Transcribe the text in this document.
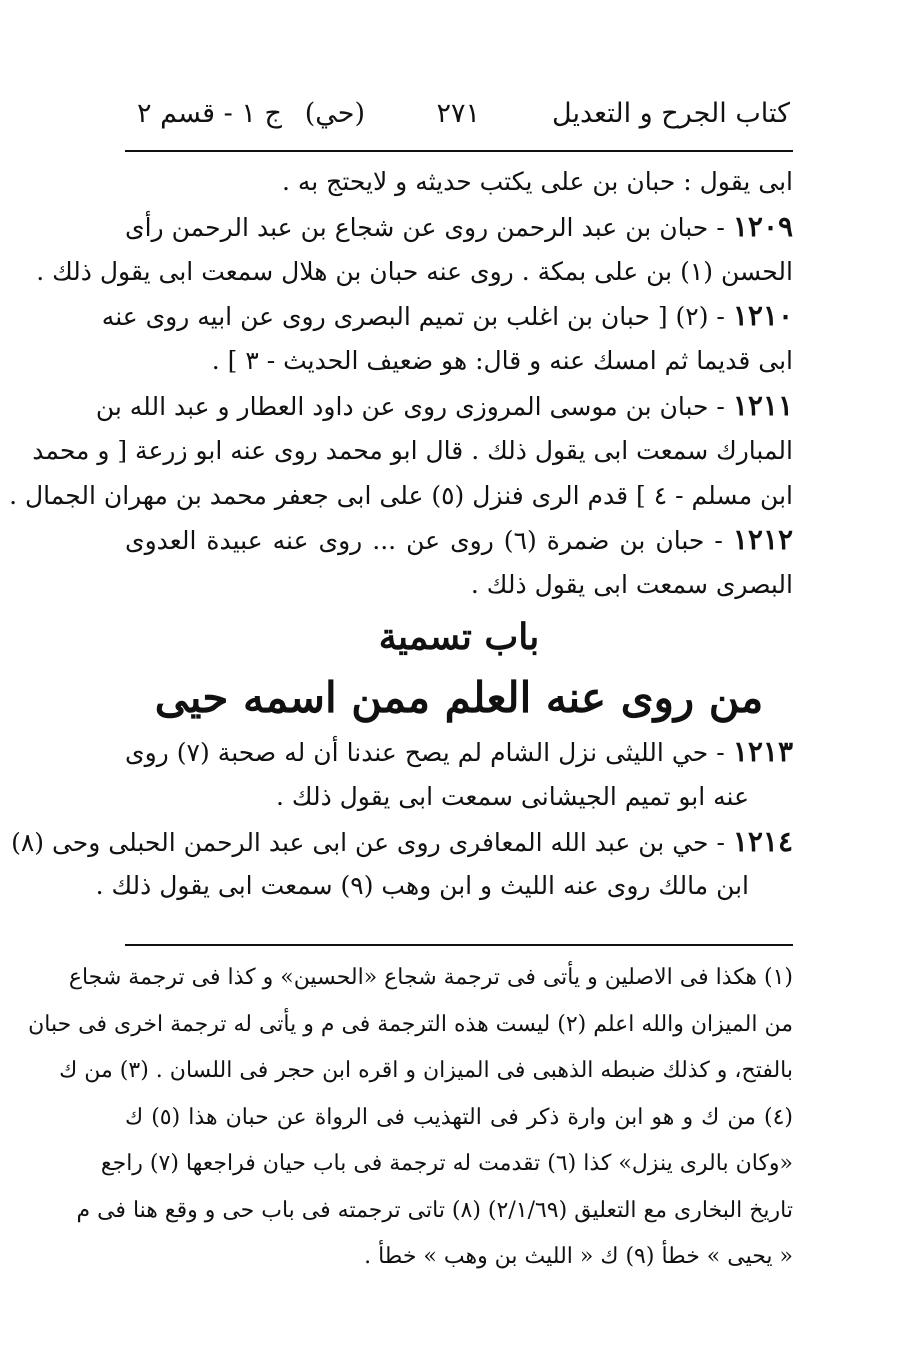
كتاب الجرح و التعديل
٢٧١
(حي)
ج ١ - قسم ٢
ابى يقول : حبان بن على يكتب حديثه و لايحتج به .
١٢٠٩ - حبان بن عبد الرحمن روى عن شجاع بن عبد الرحمن رأى
الحسن (١) بن على بمكة . روى عنه حبان بن هلال سمعت ابى يقول ذلك .
١٢١٠ - (٢) [ حبان بن اغلب بن تميم البصرى روى عن ابيه روى عنه
ابى قديما ثم امسك عنه و قال: هو ضعيف الحديث - ٣ ] .
١٢١١ - حبان بن موسى المروزى روى عن داود العطار و عبد الله بن
المبارك سمعت ابى يقول ذلك . قال ابو محمد روى عنه ابو زرعة [ و محمد
ابن مسلم - ٤ ] قدم الرى فنزل (٥) على ابى جعفر محمد بن مهران الجمال .
١٢١٢ - حبان بن ضمرة (٦) روى عن ... روى عنه عبيدة العدوى
البصرى سمعت ابى يقول ذلك .
باب تسمية
من روى عنه العلم ممن اسمه حيى
١٢١٣ - حي الليثى نزل الشام لم يصح عندنا أن له صحبة (٧) روى
عنه ابو تميم الجيشانى سمعت ابى يقول ذلك .
١٢١٤ - حي بن عبد الله المعافرى روى عن ابى عبد الرحمن الحبلى وحى (٨)
ابن مالك روى عنه الليث و ابن وهب (٩) سمعت ابى يقول ذلك .
(١) هكذا فى الاصلين و يأتى فى ترجمة شجاع «الحسين» و كذا فى ترجمة شجاع
من الميزان والله اعلم (٢) ليست هذه الترجمة فى م و يأتى له ترجمة اخرى فى حبان
بالفتح، و كذلك ضبطه الذهبى فى الميزان و اقره ابن حجر فى اللسان . (٣) من ك
(٤) من ك و هو ابن وارة ذكر فى التهذيب فى الرواة عن حبان هذا (٥) ك
«وكان بالرى ينزل» كذا (٦) تقدمت له ترجمة فى باب حيان فراجعها (٧) راجع
تاريخ البخارى مع التعليق (٢/١/٦٩) (٨) تاتى ترجمته فى باب حى و وقع هنا فى م
« يحيى » خطأ (٩) ك « الليث بن وهب » خطأ .
